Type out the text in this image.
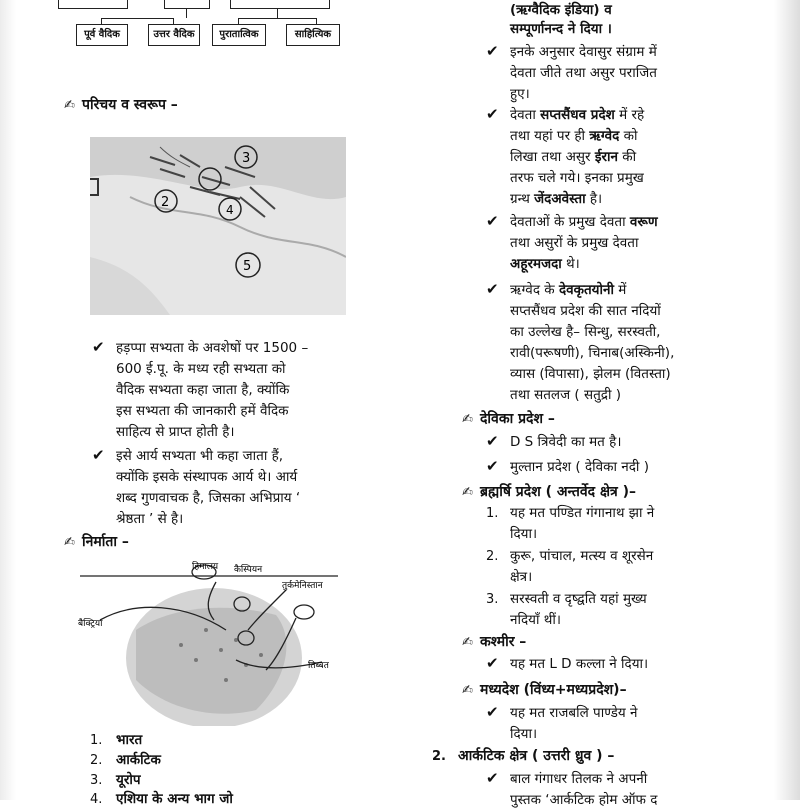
पूर्व वैदिक	उत्तर वैदिक	पुरातात्विक	साहित्यिक
✍ परिचय व स्वरूप –
3
2	4
5
✔ हड़प्पा सभ्यता के अवशेषों पर 1500 –
600 ई.पू. के मध्य रही सभ्यता को
वैदिक सभ्यता कहा जाता है, क्योंकि
इस सभ्यता की जानकारी हमें वैदिक
साहित्य से प्राप्त होती है।
✔ इसे आर्य सभ्यता भी कहा जाता हैं,
क्योंकि इसके संस्थापक आर्य थे। आर्य
शब्द गुणवाचक है, जिसका अभिप्राय ‘
श्रेष्ठता ’ से है।
✍ निर्माता –
हिमालय कैस्पियन
तुर्कमेनिस्तान
बैक्ट्रिया
तिब्बत
1. भारत
2. आर्कटिक
3. यूरोप
4. एशिया के अन्य भाग जो
(ऋग्वैदिक इंडिया) व
सम्पूर्णानन्द ने दिया ।
✔ इनके अनुसार देवासुर संग्राम में
देवता जीते तथा असुर पराजित
हुए।
✔ देवता सप्तसैंधव प्रदेश में रहे
तथा यहां पर ही ऋग्वेद को
लिखा तथा असुर ईरान की
तरफ चले गये। इनका प्रमुख
ग्रन्थ जेंदअवेस्ता है।
✔ देवताओं के प्रमुख देवता वरूण
तथा असुरों के प्रमुख देवता
अहूरमजदा थे।
✔ ऋग्वेद के देवकृतयोनी में
सप्तसैंधव प्रदेश की सात नदियों
का उल्लेख है– सिन्धु, सरस्वती,
रावी(परूषणी), चिनाब(अस्किनी),
व्यास (विपासा), झेलम (वितस्ता)
तथा सतलज ( सतुद्री )
✍ देविका प्रदेश –
✔ D S त्रिवेदी का मत है।
✔ मुल्तान प्रदेश ( देविका नदी )
✍ ब्रह्मर्षि प्रदेश ( अन्तर्वेद क्षेत्र )–
1. यह मत पण्डित गंगानाथ झा ने
दिया।
2. कुरू, पांचाल, मत्स्य व शूरसेन
क्षेत्र।
3. सरस्वती व दृष्द्वति यहां मुख्य
नदियाँ थीं।
✍ कश्मीर –
✔ यह मत L D कल्ला ने दिया।
✍ मध्यदेश (विंध्य+मध्यप्रदेश)–
✔ यह मत राजबलि पाण्डेय ने
दिया।
2. आर्कटिक क्षेत्र ( उत्तरी ध्रुव ) –
✔ बाल गंगाधर तिलक ने अपनी
पुस्तक ‘आर्कटिक होम ऑफ द
